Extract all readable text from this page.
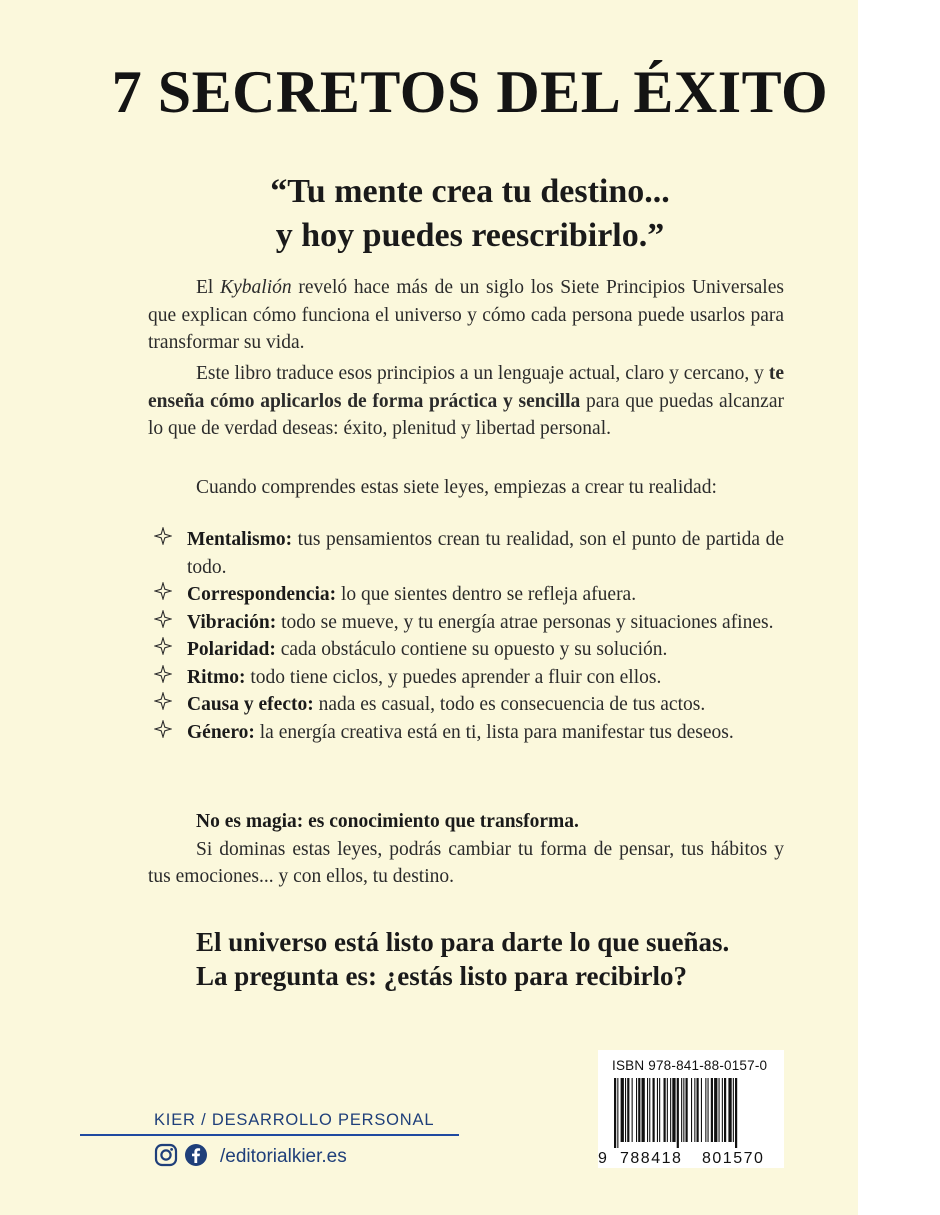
7 SECRETOS DEL ÉXITO
“Tu mente crea tu destino...
y hoy puedes reescribirlo.”
El Kybalión reveló hace más de un siglo los Siete Principios Universales que explican cómo funciona el universo y cómo cada persona puede usarlos para transformar su vida.
Este libro traduce esos principios a un lenguaje actual, claro y cercano, y te enseña cómo aplicarlos de forma práctica y sencilla para que puedas alcanzar lo que de verdad deseas: éxito, plenitud y libertad personal.
Cuando comprendes estas siete leyes, empiezas a crear tu realidad:
Mentalismo: tus pensamientos crean tu realidad, son el punto de partida de todo.
Correspondencia: lo que sientes dentro se refleja afuera.
Vibración: todo se mueve, y tu energía atrae personas y situaciones afines.
Polaridad: cada obstáculo contiene su opuesto y su solución.
Ritmo: todo tiene ciclos, y puedes aprender a fluir con ellos.
Causa y efecto: nada es casual, todo es consecuencia de tus actos.
Género: la energía creativa está en ti, lista para manifestar tus deseos.
No es magia: es conocimiento que transforma.
Si dominas estas leyes, podrás cambiar tu forma de pensar, tus hábitos y tus emociones... y con ellos, tu destino.
El universo está listo para darte lo que sueñas.
La pregunta es: ¿estás listo para recibirlo?
ISBN 978-841-88-0157-0
9 788418 801570
KIER / DESARROLLO PERSONAL
/editorialkier.es
